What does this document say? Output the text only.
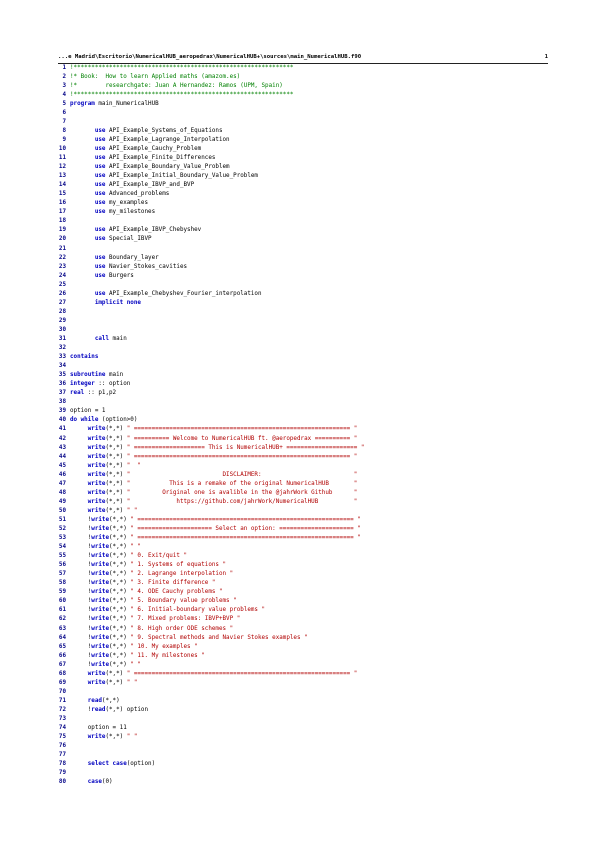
...e Madrid\Escritorio\NumericalHUB_aeropedrax\NumericalHUB+\sources\main_NumericalHUB.f90	1
1 !**************************************************************
2 !* Book:  How to learn Applied maths (amazom.es)
3 !*        researchgate: Juan A Hernandez: Ramos (UPM, Spain)
4 !**************************************************************
5 program main_NumericalHUB
6
7
8	use API_Example_Systems_of_Equations
9	use API_Example_Lagrange_Interpolation
10	use API_Example_Cauchy_Problem
11	use API_Example_Finite_Differences
12	use API_Example_Boundary_Value_Problem
13	use API_Example_Initial_Boundary_Value_Problem
14	use API_Example_IBVP_and_BVP
15	use Advanced_problems
16	use my_examples
17	use my_milestones
18
19	use API_Example_IBVP_Chebyshev
20	use Special_IBVP
21
22	use Boundary_layer
23	use Navier_Stokes_cavities
24	use Burgers
25
26	use API_Example_Chebyshev_Fourier_interpolation
27	implicit none
28
29
30
31	call main
32
33 contains
34
35 subroutine main
36 integer :: option
37 real :: p1,p2
38
39 option = 1
40 do while (option>0)
41	write(*,*) " ============================================================= "
42	write(*,*) " ========== Welcome to NumericalHUB ft. @aeropedrax ========== "
43	write(*,*) " ==================== This is NumericalHUB+ ==================== "
44	write(*,*) " ============================================================= "
45	write(*,*) "  "
46	write(*,*) "                          DISCLAIMER:                          "
47	write(*,*) "           This is a remake of the original NumericalHUB       "
48	write(*,*) "         Original one is avalible in the @jahrWork Github      "
49	write(*,*) "             https://github.com/jahrWork/NumericalHUB          "
50	write(*,*) " "
51     !write(*,*) " ============================================================= "
52     !write(*,*) " ===================== Select an option: ===================== "
53     !write(*,*) " ============================================================= "
54     !write(*,*) " "
55     !write(*,*) " 0. Exit/quit "
56     !write(*,*) " 1. Systems of equations "
57     !write(*,*) " 2. Lagrange interpolation "
58     !write(*,*) " 3. Finite difference "
59     !write(*,*) " 4. ODE Cauchy problems "
60     !write(*,*) " 5. Boundary value problems "
61     !write(*,*) " 6. Initial-boundary value problems "
62     !write(*,*) " 7. Mixed problems: IBVP+BVP "
63     !write(*,*) " 8. High order ODE schemes "
64     !write(*,*) " 9. Spectral methods and Navier Stokes examples "
65     !write(*,*) " 10. My examples "
66     !write(*,*) " 11. My milestones "
67     !write(*,*) " "
68	write(*,*) " ============================================================= "
69	write(*,*) " "
70
71	read(*,*)
72     !read(*,*) option
73
74     option = 11
75	write(*,*) " "
76
77
78	select case(option)
79
80	case(0)
